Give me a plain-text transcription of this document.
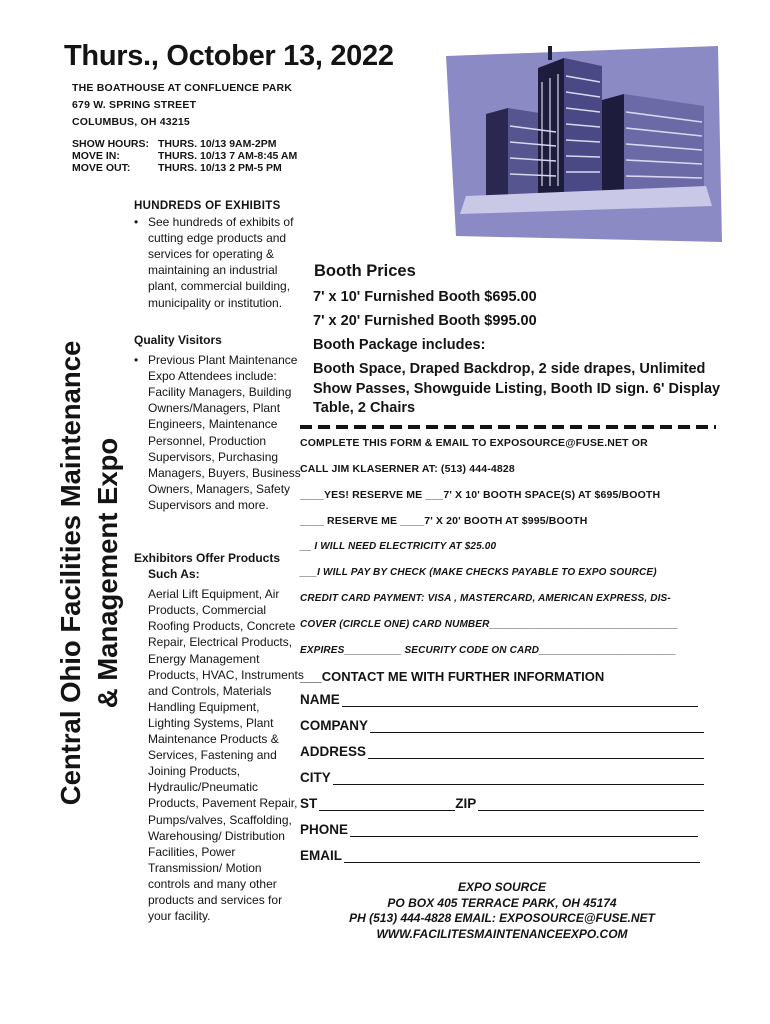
Thurs., October 13, 2022
THE BOATHOUSE AT CONFLUENCE PARK
679 W. SPRING STREET
COLUMBUS, OH 43215
SHOW HOURS: THURS. 10/13 9AM-2PM
MOVE IN:	THURS. 10/13 7 AM-8:45 AM
MOVE OUT:	THURS. 10/13 2 PM-5 PM
Central Ohio Facilities Maintenance & Management Expo
HUNDREDS OF EXHIBITS
• See hundreds of exhibits of cutting edge products and services for operating & maintaining an industrial plant, commercial building, municipality or institution.
Quality Visitors
• Previous Plant Maintenance Expo Attendees include: Facility Managers, Building Owners/Managers, Plant Engineers, Maintenance Personnel, Production Supervisors, Purchasing Managers, Buyers, Business Owners, Managers, Safety Supervisors and more.
Exhibitors Offer Products
Such As:
Aerial Lift Equipment, Air Products, Commercial Roofing Products, Concrete Repair, Electrical Products, Energy Management Products, HVAC, Instruments and Controls, Materials Handling Equipment, Lighting Systems, Plant Maintenance Products & Services, Fastening and Joining Products, Hydraulic/Pneumatic Products, Pavement Repair, Pumps/valves, Scaffolding, Warehousing/ Distribution Facilities, Power Transmission/ Motion controls and many other products and services for your facility.
Booth Prices
7' x 10' Furnished Booth $695.00
7' x 20' Furnished Booth $995.00
Booth Package includes:
Booth Space, Draped Backdrop, 2 side drapes, Unlimited Show Passes, Showguide Listing, Booth ID sign. 6' Display Table, 2 Chairs
COMPLETE THIS FORM & EMAIL TO EXPOSOURCE@FUSE.NET OR
CALL JIM KLASERNER AT: (513) 444-4828
____YES! RESERVE ME ___7' X 10' BOOTH SPACE(S) AT $695/BOOTH
____ RESERVE ME ____7' X 20' BOOTH AT $995/BOOTH
__ I WILL NEED ELECTRICITY AT $25.00
___I WILL PAY BY CHECK (MAKE CHECKS PAYABLE TO EXPO SOURCE)
CREDIT CARD PAYMENT: VISA , MASTERCARD, AMERICAN EXPRESS, DIS-
COVER (CIRCLE ONE) CARD NUMBER_________________________________
EXPIRES__________ SECURITY CODE ON CARD________________________
___CONTACT ME WITH FURTHER INFORMATION
NAME
COMPANY
ADDRESS
CITY
ST	ZIP
PHONE
EMAIL
EXPO SOURCE
PO BOX 405 TERRACE PARK, OH 45174
PH (513) 444-4828 EMAIL: EXPOSOURCE@FUSE.NET
WWW.FACILITESMAINTENANCEEXPO.COM
